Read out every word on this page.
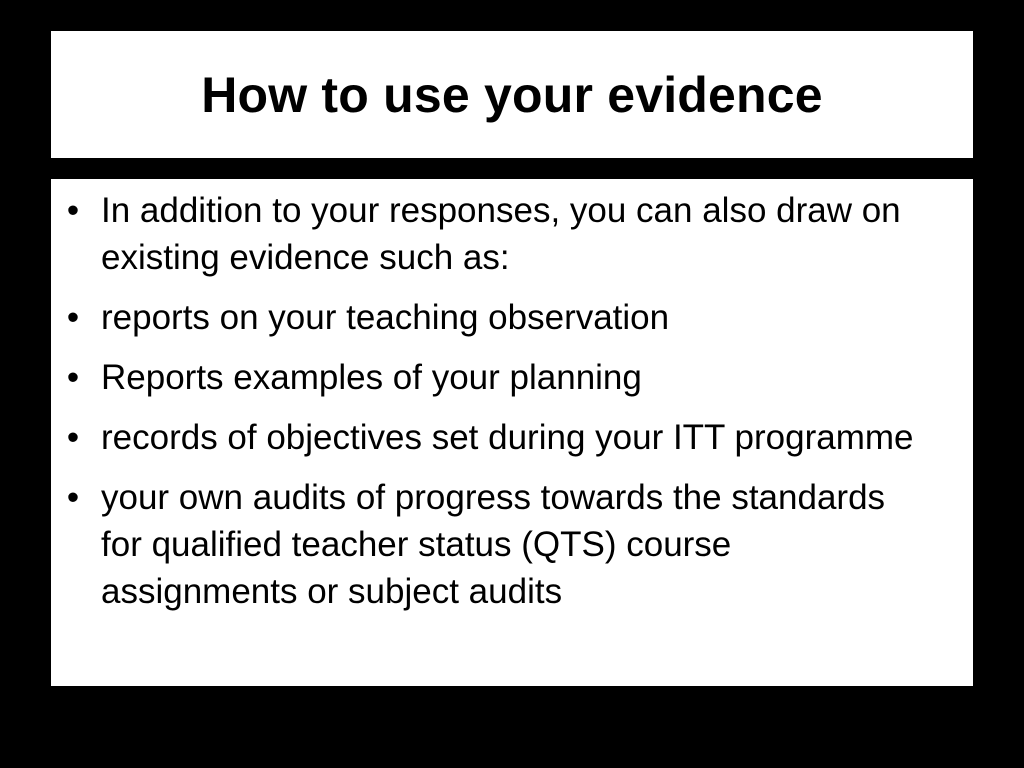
How to use your evidence
• In addition to your responses, you can also draw on existing evidence such as:
• reports on your teaching observation
• Reports examples of your planning
• records of objectives set during your ITT programme
• your own audits of progress towards the standards for qualified teacher status (QTS) course assignments or subject audits
